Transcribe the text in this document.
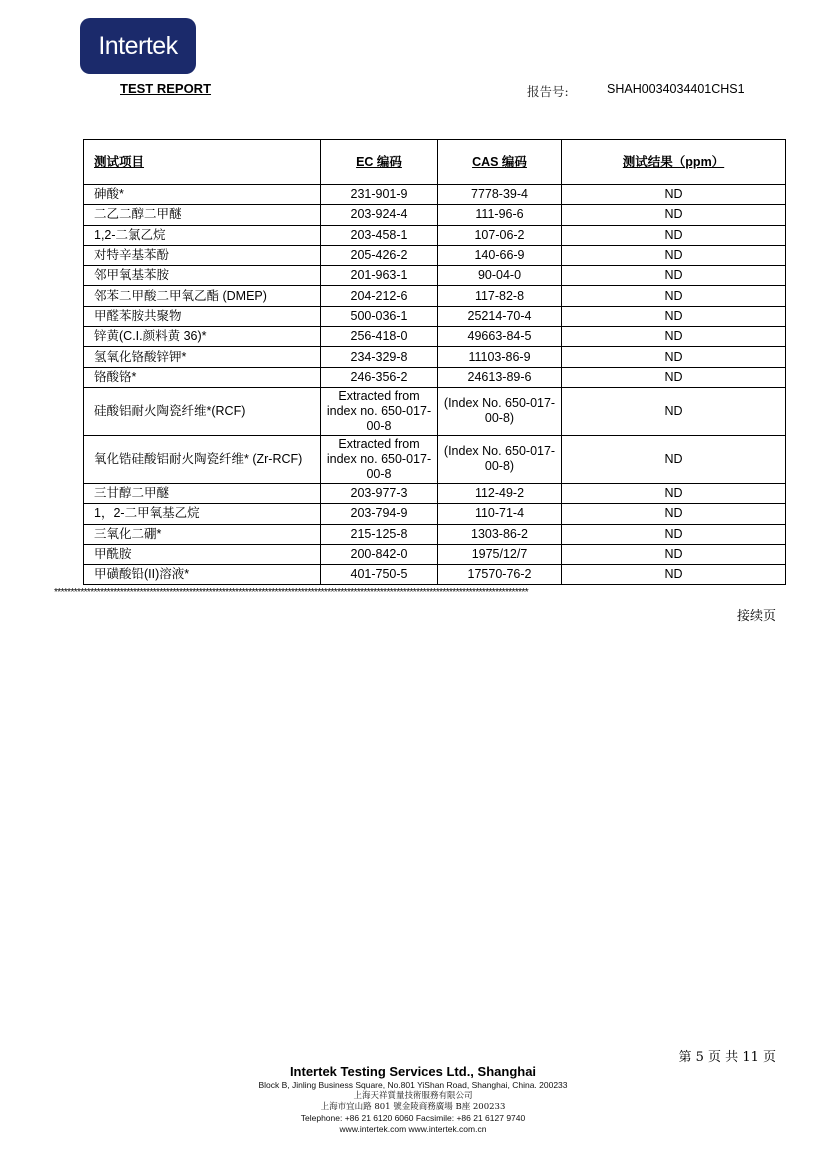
Intertek
TEST REPORT	报告号:	SHAH0034034401CHS1
测试项目	EC 编码	CAS 编码	测试结果（ppm）
砷酸*	231-901-9	7778-39-4	ND
二乙二醇二甲醚	203-924-4	111-96-6	ND
1,2-二氯乙烷	203-458-1	107-06-2	ND
对特辛基苯酚	205-426-2	140-66-9	ND
邻甲氧基苯胺	201-963-1	90-04-0	ND
邻苯二甲酸二甲氧乙酯 (DMEP)	204-212-6	117-82-8	ND
甲醛苯胺共聚物	500-036-1	25214-70-4	ND
锌黄(C.I.颜料黄 36)*	256-418-0	49663-84-5	ND
氢氧化铬酸锌钾*	234-329-8	11103-86-9	ND
铬酸铬*	246-356-2	24613-89-6	ND
硅酸铝耐火陶瓷纤维*(RCF)	Extracted from index no. 650-017-00-8	(Index No. 650-017-00-8)	ND
氧化锆硅酸铝耐火陶瓷纤维* (Zr-RCF)	Extracted from index no. 650-017-00-8	(Index No. 650-017-00-8)	ND
三甘醇二甲醚	203-977-3	112-49-2	ND
1，2-二甲氧基乙烷	203-794-9	110-71-4	ND
三氧化二硼*	215-125-8	1303-86-2	ND
甲酰胺	200-842-0	1975/12/7	ND
甲磺酸铅(II)溶液*	401-750-5	17570-76-2	ND
************************************************************************************************************************************************
接续页
第 5 页 共 11 页
Intertek Testing Services Ltd., Shanghai
Block B, Jinling Business Square, No.801 YiShan Road, Shanghai, China. 200233
上海天祥質量技術服務有限公司
上海市宜山路 801 號金陵商務廣場 B座 200233
Telephone: +86 21 6120 6060 Facsimile: +86 21 6127 9740
www.intertek.com www.intertek.com.cn
